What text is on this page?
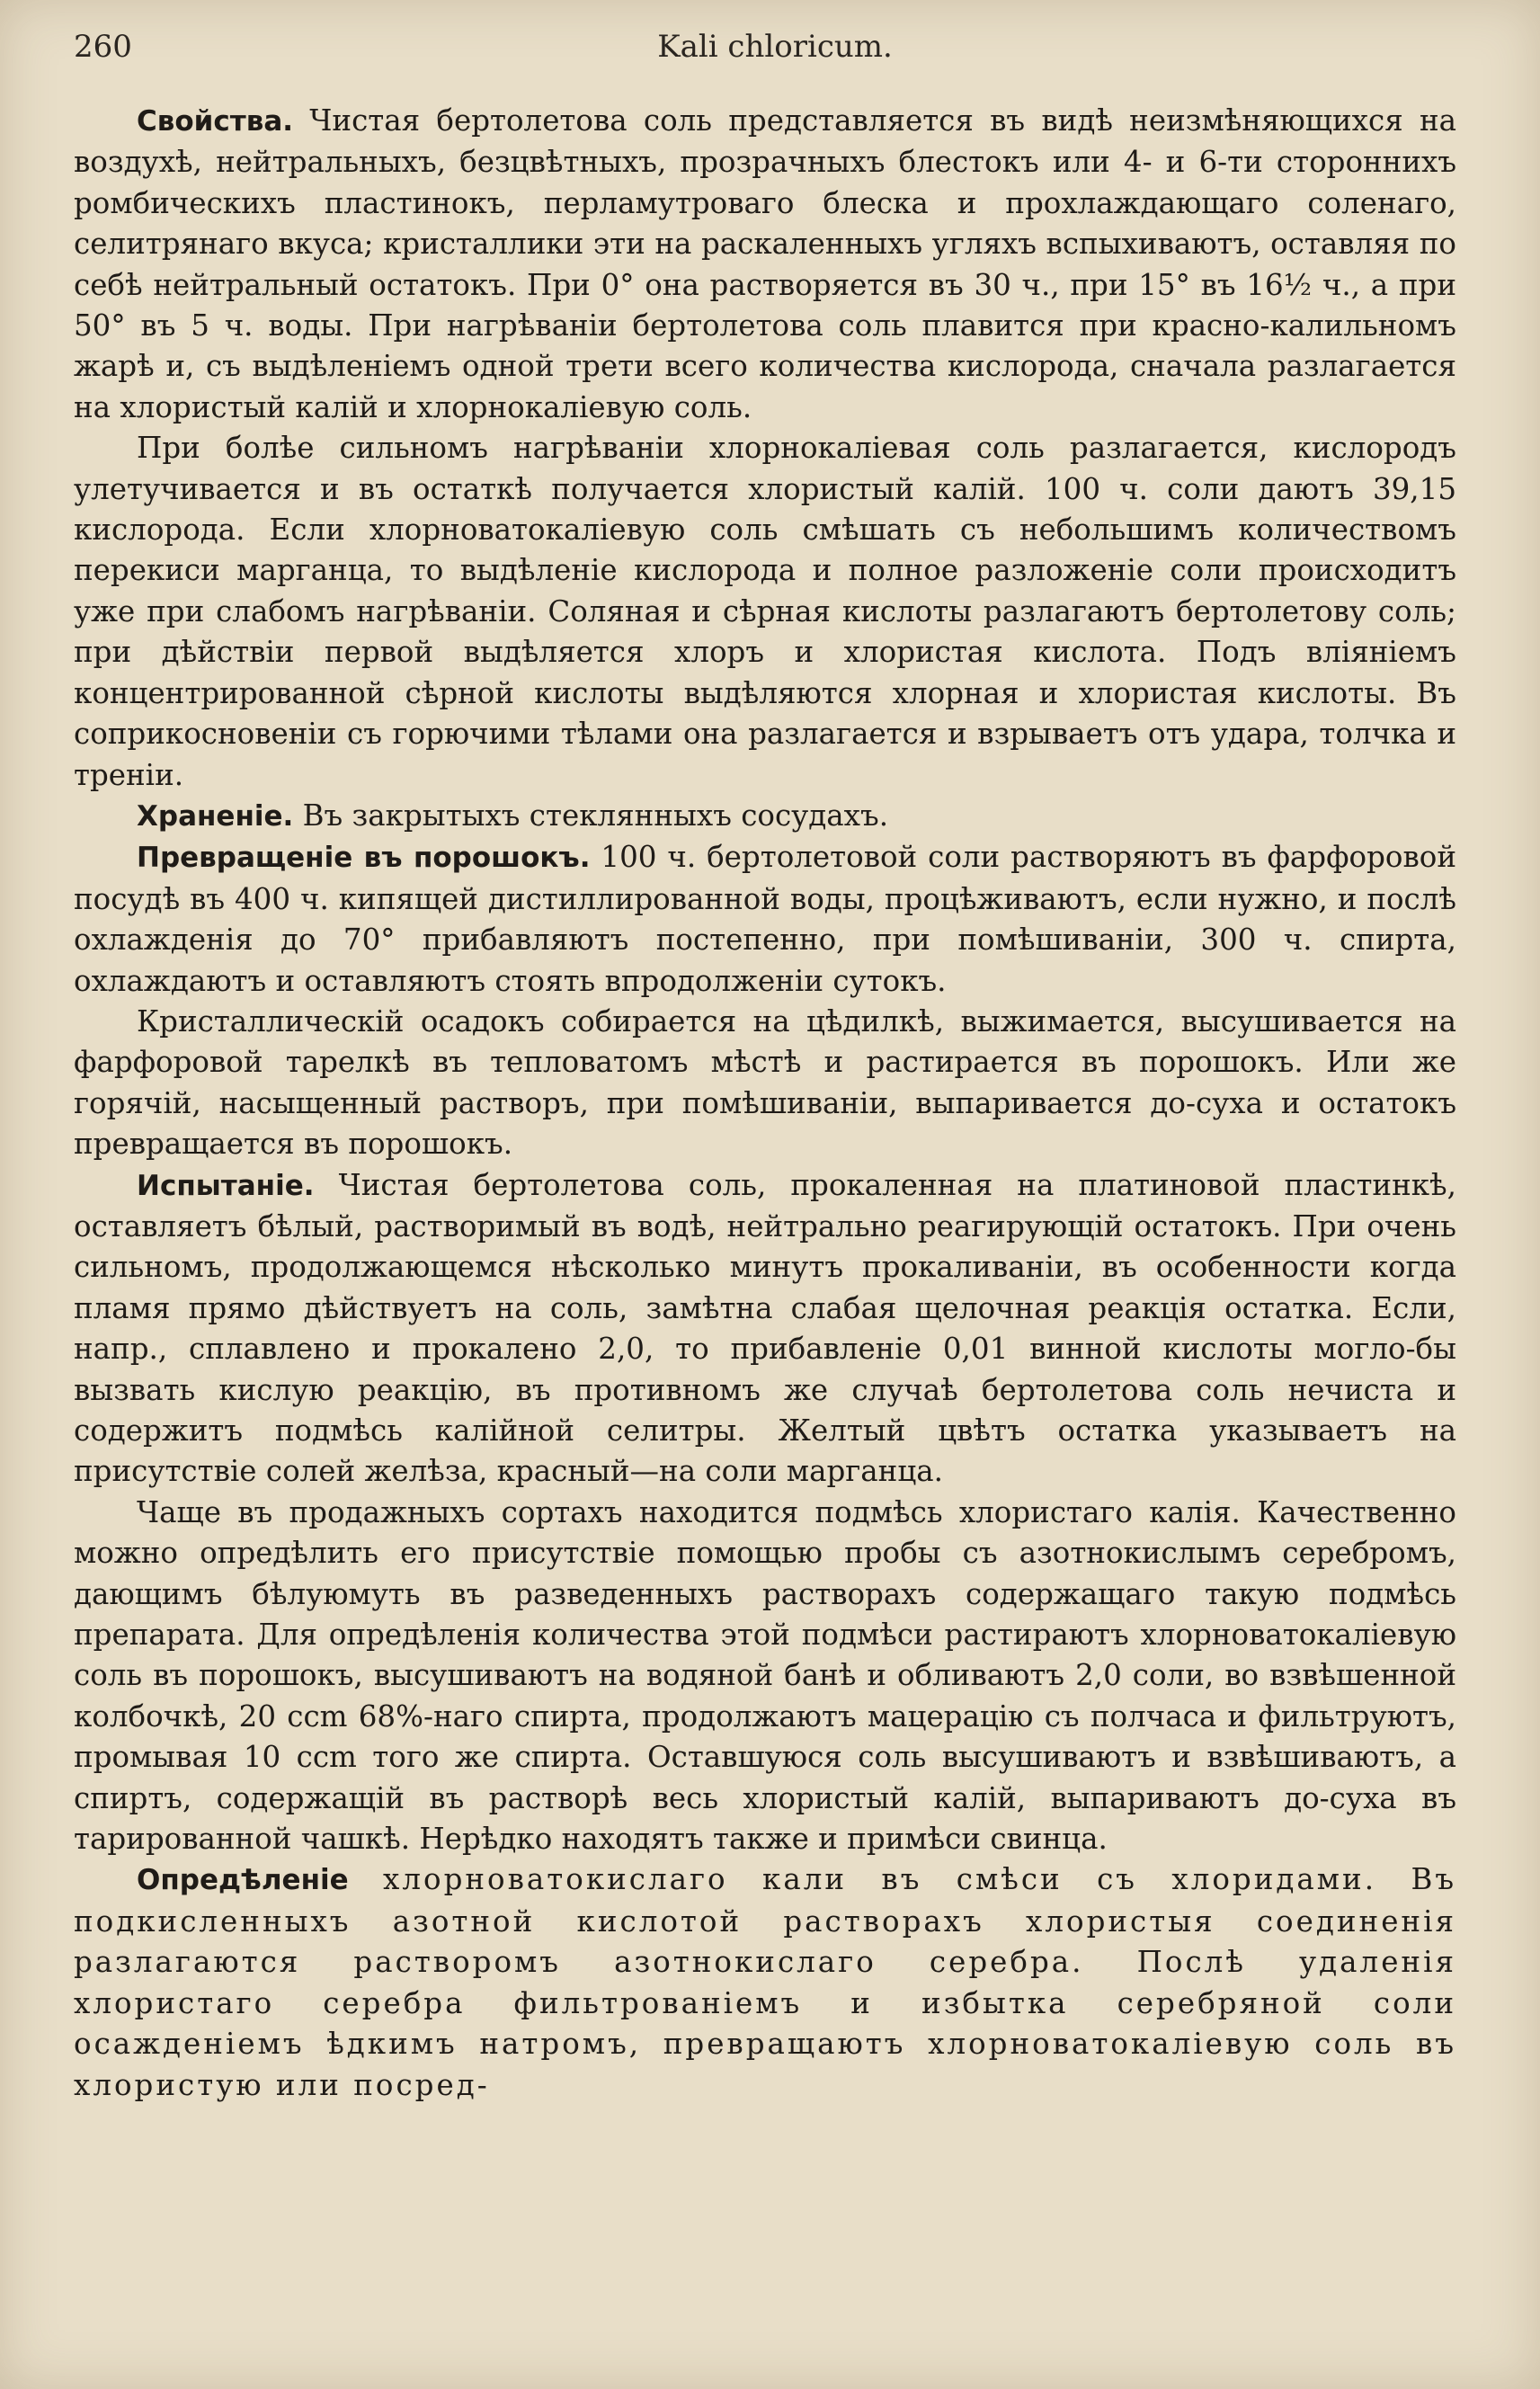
260	Kali chloricum.

Свойства. Чистая бертолетова соль представляется въ видѣ неизмѣняющихся на воздухѣ, нейтральныхъ, безцвѣтныхъ, прозрачныхъ блестокъ или 4- и 6-ти стороннихъ ромбическихъ пластинокъ, перламутроваго блеска и прохлаждающаго соленаго, селитрянаго вкуса; кристаллики эти на раскаленныхъ угляхъ вспыхиваютъ, оставляя по себѣ нейтральный остатокъ. При 0° она растворяется въ 30 ч., при 15° въ 16½ ч., а при 50° въ 5 ч. воды. При нагрѣваніи бертолетова соль плавится при красно-калильномъ жарѣ и, съ выдѣленіемъ одной трети всего количества кислорода, сначала разлагается на хлористый калій и хлорнокаліевую соль.

При болѣе сильномъ нагрѣваніи хлорнокаліевая соль разлагается, кислородъ улетучивается и въ остаткѣ получается хлористый калій. 100 ч. соли даютъ 39,15 кислорода. Если хлорноватокаліевую соль смѣшать съ небольшимъ количествомъ перекиси марганца, то выдѣленіе кислорода и полное разложеніе соли происходитъ уже при слабомъ нагрѣваніи. Соляная и сѣрная кислоты разлагаютъ бертолетову соль; при дѣйствіи первой выдѣляется хлоръ и хлористая кислота. Подъ вліяніемъ концентрированной сѣрной кислоты выдѣляются хлорная и хлористая кислоты. Въ соприкосновеніи съ горючими тѣлами она разлагается и взрываетъ отъ удара, толчка и треніи.

Храненіе. Въ закрытыхъ стеклянныхъ сосудахъ.

Превращеніе въ порошокъ. 100 ч. бертолетовой соли растворяютъ въ фарфоровой посудѣ въ 400 ч. кипящей дистиллированной воды, процѣживаютъ, если нужно, и послѣ охлажденія до 70° прибавляютъ постепенно, при помѣшиваніи, 300 ч. спирта, охлаждаютъ и оставляютъ стоять впродолженіи сутокъ.

Кристаллическій осадокъ собирается на цѣдилкѣ, выжимается, высушивается на фарфоровой тарелкѣ въ тепловатомъ мѣстѣ и растирается въ порошокъ. Или же горячій, насыщенный растворъ, при помѣшиваніи, выпаривается до-суха и остатокъ превращается въ порошокъ.

Испытаніе. Чистая бертолетова соль, прокаленная на платиновой пластинкѣ, оставляетъ бѣлый, растворимый въ водѣ, нейтрально реагирующій остатокъ. При очень сильномъ, продолжающемся нѣсколько минутъ прокаливаніи, въ особенности когда пламя прямо дѣйствуетъ на соль, замѣтна слабая щелочная реакція остатка. Если, напр., сплавлено и прокалено 2,0, то прибавленіе 0,01 винной кислоты могло-бы вызвать кислую реакцію, въ противномъ же случаѣ бертолетова соль нечиста и содержитъ подмѣсь калійной селитры. Желтый цвѣтъ остатка указываетъ на присутствіе солей желѣза, красный—на соли марганца.

Чаще въ продажныхъ сортахъ находится подмѣсь хлористаго калія. Качественно можно опредѣлить его присутствіе помощью пробы съ азотнокислымъ серебромъ, дающимъ бѣлуюмуть въ разведенныхъ растворахъ содержащаго такую подмѣсь препарата. Для опредѣленія количества этой подмѣси растираютъ хлорноватокаліевую соль въ порошокъ, высушиваютъ на водяной банѣ и обливаютъ 2,0 соли, во взвѣшенной колбочкѣ, 20 ccm 68%-наго спирта, продолжаютъ мацерацію съ полчаса и фильтруютъ, промывая 10 ccm того же спирта. Оставшуюся соль высушиваютъ и взвѣшиваютъ, а спиртъ, содержащій въ растворѣ весь хлористый калій, выпариваютъ до-суха въ тарированной чашкѣ. Нерѣдко находятъ также и примѣси свинца.

Опредѣленіе хлорноватокислаго кали въ смѣси съ хлоридами. Въ подкисленныхъ азотной кислотой растворахъ хлористыя соединенія разлагаются растворомъ азотнокислаго серебра. Послѣ удаленія хлористаго серебра фильтрованіемъ и избытка серебряной соли осажденіемъ ѣдкимъ натромъ, превращаютъ хлорноватокаліевую соль въ хлористую или посред-
